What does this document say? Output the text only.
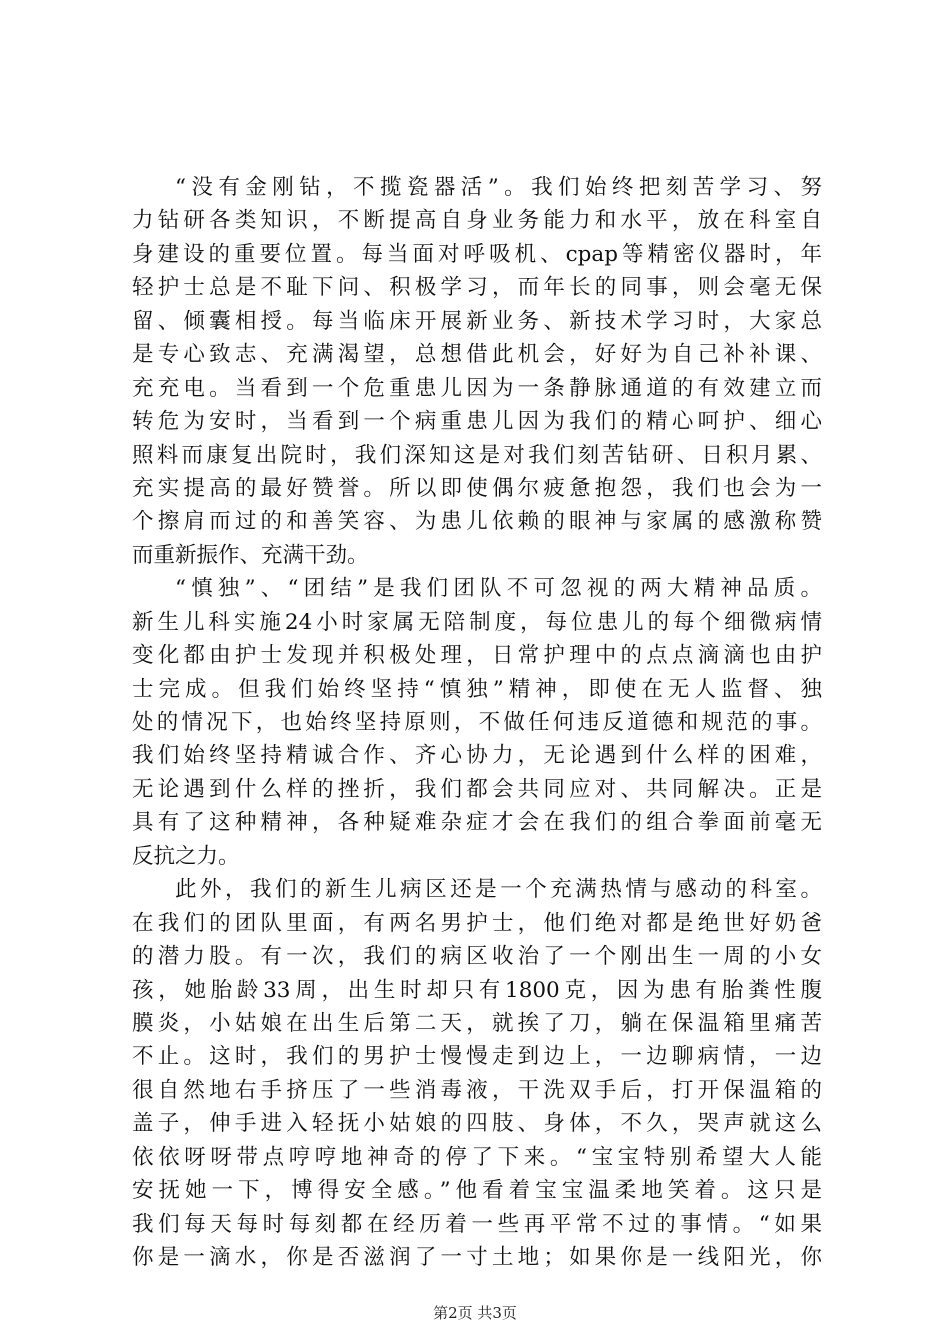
“没有金刚钻，不揽瓷器活”。我们始终把刻苦学习、努
力钻研各类知识，不断提高自身业务能力和水平，放在科室自
身建设的重要位置。每当面对呼吸机、cpap等精密仪器时，年
轻护士总是不耻下问、积极学习，而年长的同事，则会毫无保
留、倾囊相授。每当临床开展新业务、新技术学习时，大家总
是专心致志、充满渴望，总想借此机会，好好为自己补补课、
充充电。当看到一个危重患儿因为一条静脉通道的有效建立而
转危为安时，当看到一个病重患儿因为我们的精心呵护、细心
照料而康复出院时，我们深知这是对我们刻苦钻研、日积月累、
充实提高的最好赞誉。所以即使偶尔疲惫抱怨，我们也会为一
个擦肩而过的和善笑容、为患儿依赖的眼神与家属的感激称赞
而重新振作、充满干劲。
“慎独”、“团结”是我们团队不可忽视的两大精神品质。
新生儿科实施24小时家属无陪制度，每位患儿的每个细微病情
变化都由护士发现并积极处理，日常护理中的点点滴滴也由护
士完成。但我们始终坚持“慎独”精神，即使在无人监督、独
处的情况下，也始终坚持原则，不做任何违反道德和规范的事。
我们始终坚持精诚合作、齐心协力，无论遇到什么样的困难，
无论遇到什么样的挫折，我们都会共同应对、共同解决。正是
具有了这种精神，各种疑难杂症才会在我们的组合拳面前毫无
反抗之力。
此外，我们的新生儿病区还是一个充满热情与感动的科室。
在我们的团队里面，有两名男护士，他们绝对都是绝世好奶爸
的潜力股。有一次，我们的病区收治了一个刚出生一周的小女
孩，她胎龄33周，出生时却只有1800克，因为患有胎粪性腹
膜炎，小姑娘在出生后第二天，就挨了刀，躺在保温箱里痛苦
不止。这时，我们的男护士慢慢走到边上，一边聊病情，一边
很自然地右手挤压了一些消毒液，干洗双手后，打开保温箱的
盖子，伸手进入轻抚小姑娘的四肢、身体，不久，哭声就这么
依依呀呀带点哼哼地神奇的停了下来。“宝宝特别希望大人能
安抚她一下，博得安全感。”他看着宝宝温柔地笑着。这只是
我们每天每时每刻都在经历着一些再平常不过的事情。“如果
你是一滴水，你是否滋润了一寸土地；如果你是一线阳光，你
第2页 共3页
